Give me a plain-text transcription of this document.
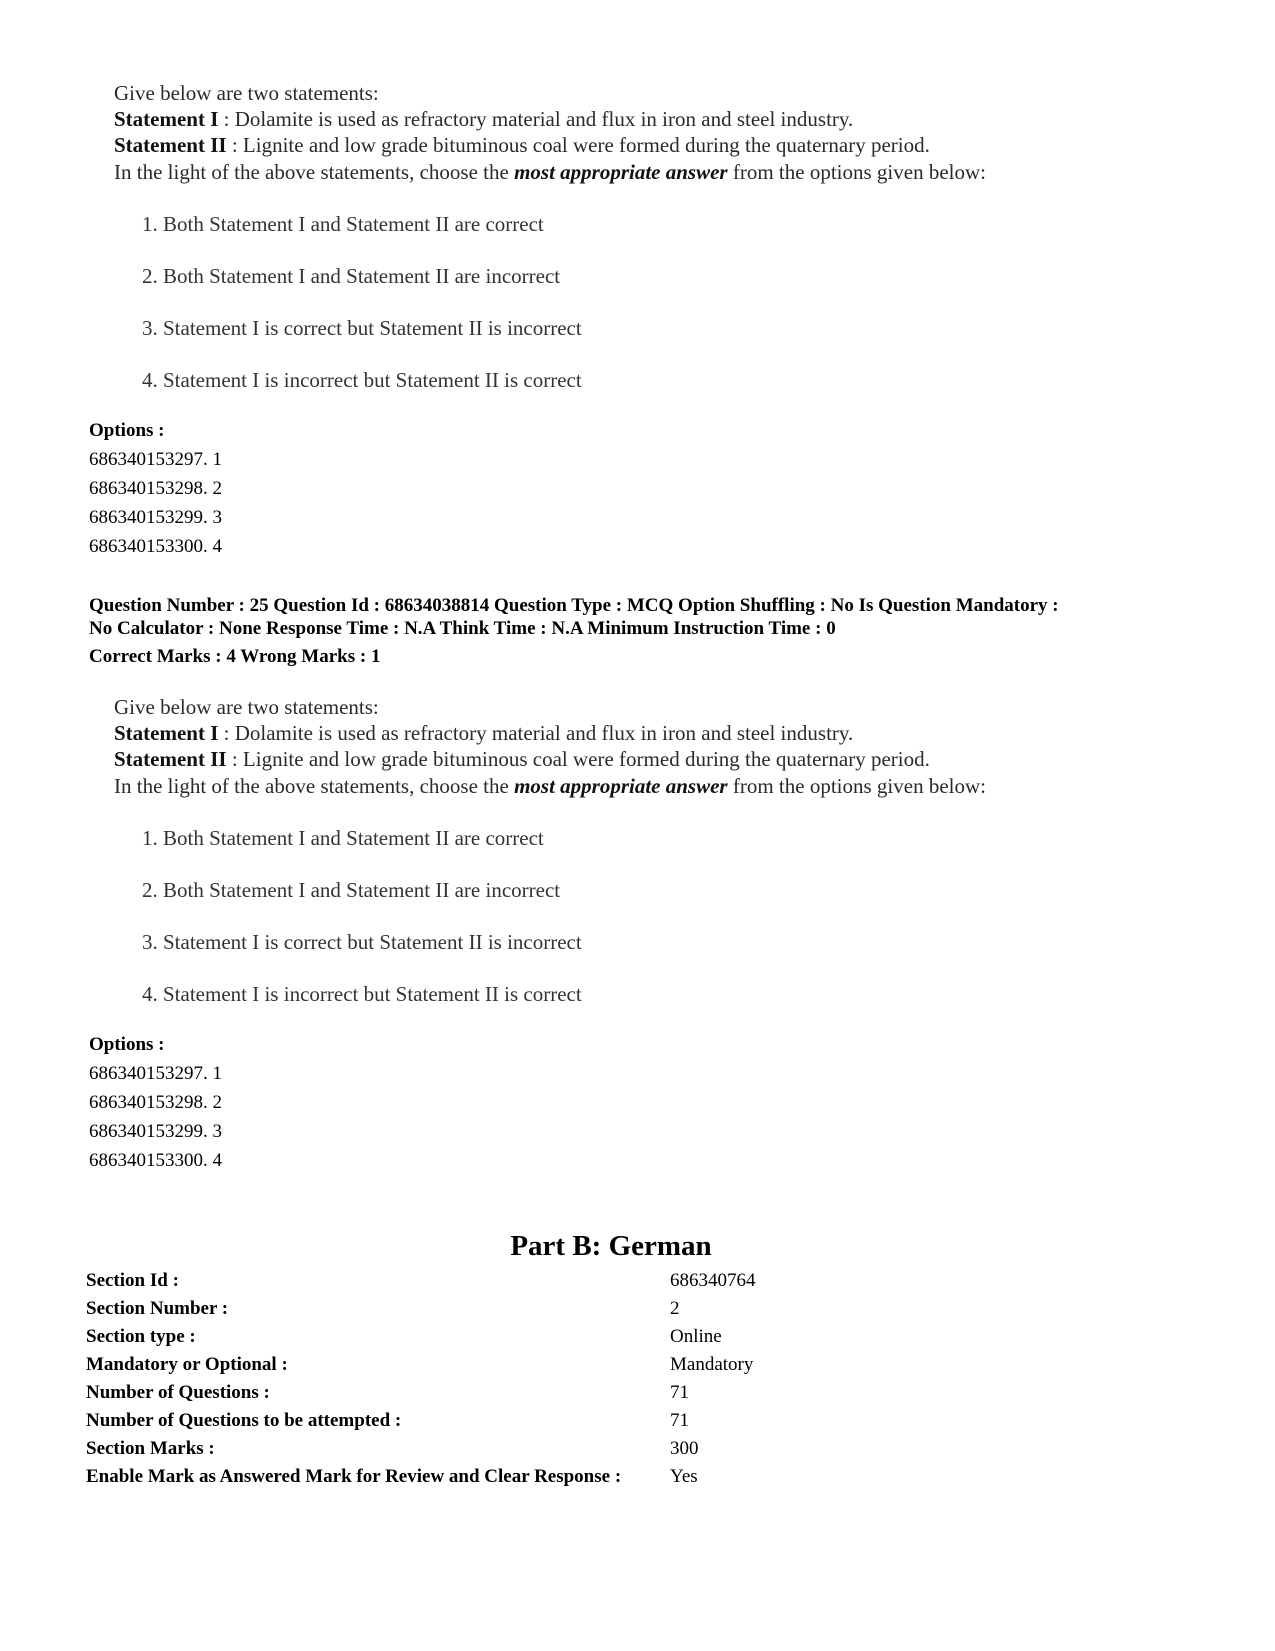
Give below are two statements:
Statement I : Dolamite is used as refractory material and flux in iron and steel industry.
Statement II : Lignite and low grade bituminous coal were formed during the quaternary period.
In the light of the above statements, choose the most appropriate answer from the options given below:
1. Both Statement I and Statement II are correct
2. Both Statement I and Statement II are incorrect
3. Statement I is correct but Statement II is incorrect
4. Statement I is incorrect but Statement II is correct
Options :
686340153297. 1
686340153298. 2
686340153299. 3
686340153300. 4
Question Number : 25 Question Id : 68634038814 Question Type : MCQ Option Shuffling : No Is Question Mandatory :
No Calculator : None Response Time : N.A Think Time : N.A Minimum Instruction Time : 0
Correct Marks : 4 Wrong Marks : 1
Give below are two statements:
Statement I : Dolamite is used as refractory material and flux in iron and steel industry.
Statement II : Lignite and low grade bituminous coal were formed during the quaternary period.
In the light of the above statements, choose the most appropriate answer from the options given below:
1. Both Statement I and Statement II are correct
2. Both Statement I and Statement II are incorrect
3. Statement I is correct but Statement II is incorrect
4. Statement I is incorrect but Statement II is correct
Options :
686340153297. 1
686340153298. 2
686340153299. 3
686340153300. 4
Part B: German
Section Id :	686340764
Section Number :	2
Section type :	Online
Mandatory or Optional :	Mandatory
Number of Questions :	71
Number of Questions to be attempted :	71
Section Marks :	300
Enable Mark as Answered Mark for Review and Clear Response :	Yes
